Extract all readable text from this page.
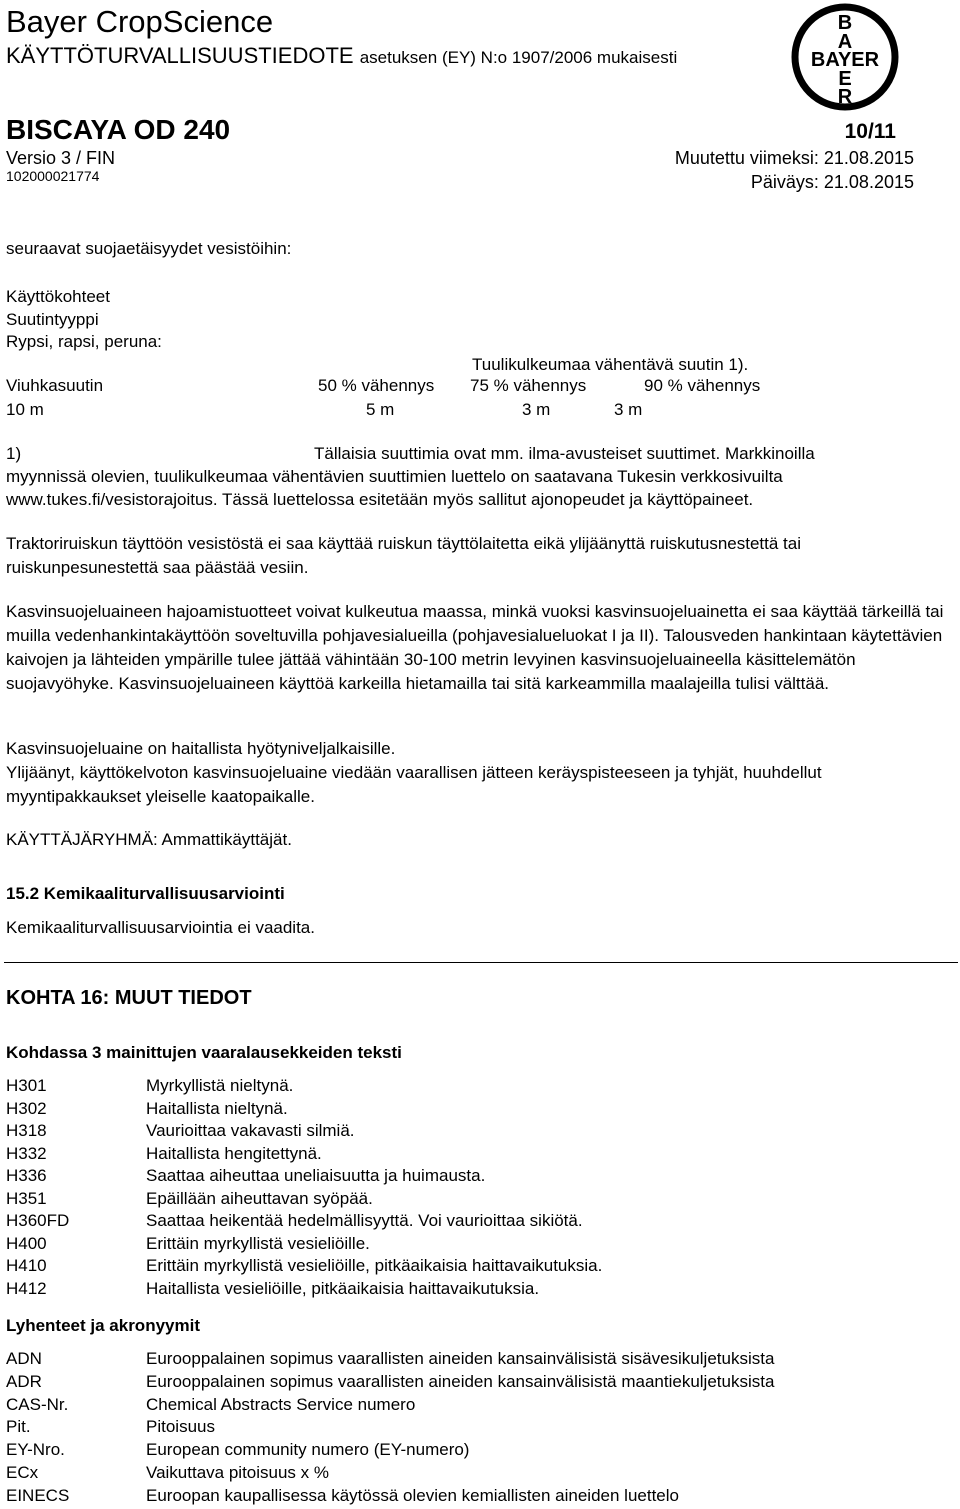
Bayer CropScience
KÄYTTÖTURVALLISUUSTIEDOTE asetuksen (EY) N:o 1907/2006 mukaisesti
B
A
BAYER
E
R
BISCAYA OD 240	10/11
Versio 3 / FIN
102000021774
Muutettu viimeksi: 21.08.2015
Päiväys: 21.08.2015
seuraavat suojaetäisyydet vesistöihin:
Käyttökohteet
Suutintyyppi
Rypsi, rapsi, peruna:
Tuulikulkeumaa vähentävä suutin 1).
Viuhkasuutin	50 % vähennys 75 % vähennys	90 % vähennys
10 m	5 m	3 m	3 m
1)	Tällaisia suuttimia ovat mm. ilma-avusteiset suuttimet. Markkinoilla
myynnissä olevien, tuulikulkeumaa vähentävien suuttimien luettelo on saatavana Tukesin verkkosivuilta
www.tukes.fi/vesistorajoitus. Tässä luettelossa esitetään myös sallitut ajonopeudet ja käyttöpaineet.
Traktoriruiskun täyttöön vesistöstä ei saa käyttää ruiskun täyttölaitetta eikä ylijäänyttä ruiskutusnestettä tai ruiskunpesunestettä saa päästää vesiin.
Kasvinsuojeluaineen hajoamistuotteet voivat kulkeutua maassa, minkä vuoksi kasvinsuojeluainetta ei saa käyttää tärkeillä tai muilla vedenhankintakäyttöön soveltuvilla pohjavesialueilla (pohjavesialueluokat I ja II). Talousveden hankintaan käytettävien kaivojen ja lähteiden ympärille tulee jättää vähintään 30-100 metrin levyinen kasvinsuojeluaineella käsittelemätön suojavyöhyke. Kasvinsuojeluaineen käyttöä karkeilla hietamailla tai sitä karkeammilla maalajeilla tulisi välttää.
Kasvinsuojeluaine on haitallista hyötyniveljalkaisille.
Ylijäänyt, käyttökelvoton kasvinsuojeluaine viedään vaarallisen jätteen keräyspisteeseen ja tyhjät, huuhdellut myyntipakkaukset yleiselle kaatopaikalle.
KÄYTTÄJÄRYHMÄ: Ammattikäyttäjät.
15.2 Kemikaaliturvallisuusarviointi
Kemikaaliturvallisuusarviointia ei vaadita.
KOHTA 16: MUUT TIEDOT
Kohdassa 3 mainittujen vaaralausekkeiden teksti
H301	Myrkyllistä nieltynä.
H302	Haitallista nieltynä.
H318	Vaurioittaa vakavasti silmiä.
H332	Haitallista hengitettynä.
H336	Saattaa aiheuttaa uneliaisuutta ja huimausta.
H351	Epäillään aiheuttavan syöpää.
H360FD	Saattaa heikentää hedelmällisyyttä. Voi vaurioittaa sikiötä.
H400	Erittäin myrkyllistä vesieliöille.
H410	Erittäin myrkyllistä vesieliöille, pitkäaikaisia haittavaikutuksia.
H412	Haitallista vesieliöille, pitkäaikaisia haittavaikutuksia.
Lyhenteet ja akronyymit
ADN	Eurooppalainen sopimus vaarallisten aineiden kansainvälisistä sisävesikuljetuksista
ADR	Eurooppalainen sopimus vaarallisten aineiden kansainvälisistä maantiekuljetuksista
CAS-Nr.	Chemical Abstracts Service numero
Pit.	Pitoisuus
EY-Nro.	European community numero (EY-numero)
ECx	Vaikuttava pitoisuus x %
EINECS	Euroopan kaupallisessa käytössä olevien kemiallisten aineiden luettelo
